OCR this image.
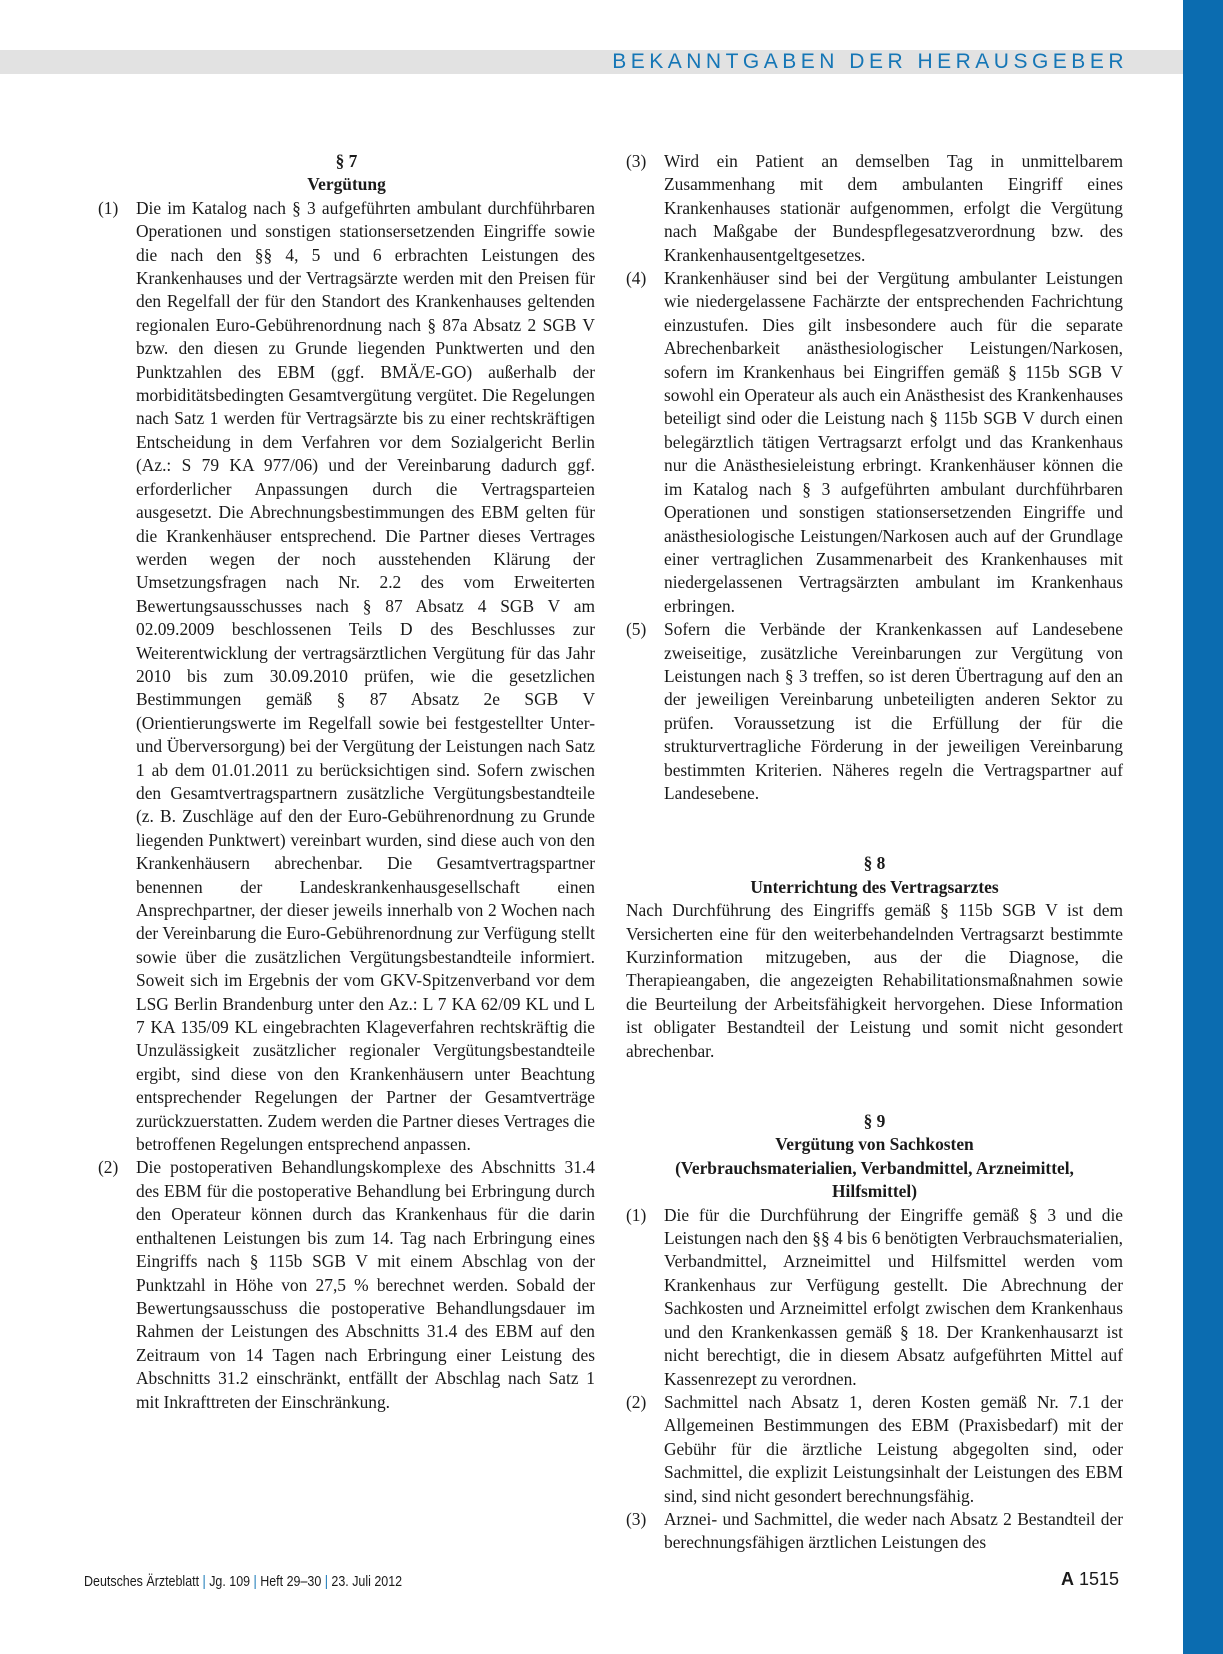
BEKANNTGABEN DER HERAUSGEBER
§ 7
Vergütung
(1)	Die im Katalog nach § 3 aufgeführten ambulant durchführbaren Operationen und sonstigen stationsersetzenden Eingriffe sowie die nach den §§ 4, 5 und 6 erbrachten Leistungen des Krankenhauses und der Vertragsärzte werden mit den Preisen für den Regelfall der für den Standort des Krankenhauses geltenden regionalen Euro-Gebührenordnung nach § 87a Absatz 2 SGB V bzw. den diesen zu Grunde liegenden Punktwerten und den Punktzahlen des EBM (ggf. BMÄ/E-GO) außerhalb der morbiditätsbedingten Gesamtvergütung vergütet. Die Regelungen nach Satz 1 werden für Vertragsärzte bis zu einer rechtskräftigen Entscheidung in dem Verfahren vor dem Sozialgericht Berlin (Az.: S 79 KA 977/06) und der Vereinbarung dadurch ggf. erforderlicher Anpassungen durch die Vertragsparteien ausgesetzt. Die Abrechnungsbestimmungen des EBM gelten für die Krankenhäuser entsprechend. Die Partner dieses Vertrages werden wegen der noch ausstehenden Klärung der Umsetzungsfragen nach Nr. 2.2 des vom Erweiterten Bewertungsausschusses nach § 87 Absatz 4 SGB V am 02.09.2009 beschlossenen Teils D des Beschlusses zur Weiterentwicklung der vertragsärztlichen Vergütung für das Jahr 2010 bis zum 30.09.2010 prüfen, wie die gesetzlichen Bestimmungen gemäß § 87 Absatz 2e SGB V (Orientierungswerte im Regelfall sowie bei festgestellter Unter- und Überversorgung) bei der Vergütung der Leistungen nach Satz 1 ab dem 01.01.2011 zu berücksichtigen sind. Sofern zwischen den Gesamtvertragspartnern zusätzliche Vergütungsbestandteile (z. B. Zuschläge auf den der Euro-Gebührenordnung zu Grunde liegenden Punktwert) vereinbart wurden, sind diese auch von den Krankenhäusern abrechenbar. Die Gesamtvertragspartner benennen der Landeskrankenhausgesellschaft einen Ansprechpartner, der dieser jeweils innerhalb von 2 Wochen nach der Vereinbarung die Euro-Gebührenordnung zur Verfügung stellt sowie über die zusätzlichen Vergütungsbestandteile informiert. Soweit sich im Ergebnis der vom GKV-Spitzenverband vor dem LSG Berlin Brandenburg unter den Az.: L 7 KA 62/09 KL und L 7 KA 135/09 KL eingebrachten Klageverfahren rechtskräftig die Unzulässigkeit zusätzlicher regionaler Vergütungsbestandteile ergibt, sind diese von den Krankenhäusern unter Beachtung entsprechender Regelungen der Partner der Gesamtverträge zurückzuerstatten. Zudem werden die Partner dieses Vertrages die betroffenen Regelungen entsprechend anpassen.
(2)	Die postoperativen Behandlungskomplexe des Abschnitts 31.4 des EBM für die postoperative Behandlung bei Erbringung durch den Operateur können durch das Krankenhaus für die darin enthaltenen Leistungen bis zum 14. Tag nach Erbringung eines Eingriffs nach § 115b SGB V mit einem Abschlag von der Punktzahl in Höhe von 27,5 % berechnet werden. Sobald der Bewertungsausschuss die postoperative Behandlungsdauer im Rahmen der Leistungen des Abschnitts 31.4 des EBM auf den Zeitraum von 14 Tagen nach Erbringung einer Leistung des Abschnitts 31.2 einschränkt, entfällt der Abschlag nach Satz 1 mit Inkrafttreten der Einschränkung.
(3)	Wird ein Patient an demselben Tag in unmittelbarem Zusammenhang mit dem ambulanten Eingriff eines Krankenhauses stationär aufgenommen, erfolgt die Vergütung nach Maßgabe der Bundespflegesatzverordnung bzw. des Krankenhausentgeltgesetzes.
(4)	Krankenhäuser sind bei der Vergütung ambulanter Leistungen wie niedergelassene Fachärzte der entsprechenden Fachrichtung einzustufen. Dies gilt insbesondere auch für die separate Abrechenbarkeit anästhesiologischer Leistungen/Narkosen, sofern im Krankenhaus bei Eingriffen gemäß § 115b SGB V sowohl ein Operateur als auch ein Anästhesist des Krankenhauses beteiligt sind oder die Leistung nach § 115b SGB V durch einen belegärztlich tätigen Vertragsarzt erfolgt und das Krankenhaus nur die Anästhesieleistung erbringt. Krankenhäuser können die im Katalog nach § 3 aufgeführten ambulant durchführbaren Operationen und sonstigen stationsersetzenden Eingriffe und anästhesiologische Leistungen/Narkosen auch auf der Grundlage einer vertraglichen Zusammenarbeit des Krankenhauses mit niedergelassenen Vertragsärzten ambulant im Krankenhaus erbringen.
(5)	Sofern die Verbände der Krankenkassen auf Landesebene zweiseitige, zusätzliche Vereinbarungen zur Vergütung von Leistungen nach § 3 treffen, so ist deren Übertragung auf den an der jeweiligen Vereinbarung unbeteiligten anderen Sektor zu prüfen. Voraussetzung ist die Erfüllung der für die strukturvertragliche Förderung in der jeweiligen Vereinbarung bestimmten Kriterien. Näheres regeln die Vertragspartner auf Landesebene.
§ 8
Unterrichtung des Vertragsarztes
Nach Durchführung des Eingriffs gemäß § 115b SGB V ist dem Versicherten eine für den weiterbehandelnden Vertragsarzt bestimmte Kurzinformation mitzugeben, aus der die Diagnose, die Therapieangaben, die angezeigten Rehabilitationsmaßnahmen sowie die Beurteilung der Arbeitsfähigkeit hervorgehen. Diese Information ist obligater Bestandteil der Leistung und somit nicht gesondert abrechenbar.
§ 9
Vergütung von Sachkosten
(Verbrauchsmaterialien, Verbandmittel, Arzneimittel,
Hilfsmittel)
(1)	Die für die Durchführung der Eingriffe gemäß § 3 und die Leistungen nach den §§ 4 bis 6 benötigten Verbrauchsmaterialien, Verbandmittel, Arzneimittel und Hilfsmittel werden vom Krankenhaus zur Verfügung gestellt. Die Abrechnung der Sachkosten und Arzneimittel erfolgt zwischen dem Krankenhaus und den Krankenkassen gemäß § 18. Der Krankenhausarzt ist nicht berechtigt, die in diesem Absatz aufgeführten Mittel auf Kassenrezept zu verordnen.
(2)	Sachmittel nach Absatz 1, deren Kosten gemäß Nr. 7.1 der Allgemeinen Bestimmungen des EBM (Praxisbedarf) mit der Gebühr für die ärztliche Leistung abgegolten sind, oder Sachmittel, die explizit Leistungsinhalt der Leistungen des EBM sind, sind nicht gesondert berechnungsfähig.
(3)	Arznei- und Sachmittel, die weder nach Absatz 2 Bestandteil der berechnungsfähigen ärztlichen Leistungen des
Deutsches Ärzteblatt | Jg. 109 | Heft 29–30 | 23. Juli 2012	A 1515
